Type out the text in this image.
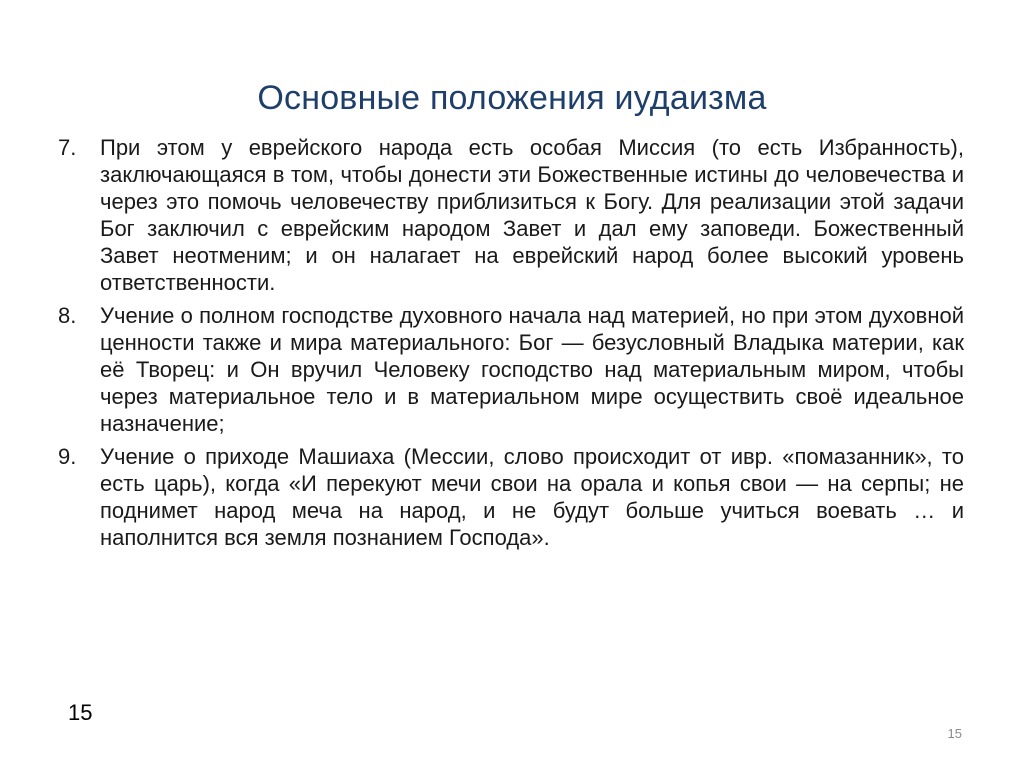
Основные положения иудаизма
7. При этом у еврейского народа есть особая Миссия (то есть Избранность), заключающаяся в том, чтобы донести эти Божественные истины до человечества и через это помочь человечеству приблизиться к Богу. Для реализации этой задачи Бог заключил с еврейским народом Завет и дал ему заповеди. Божественный Завет неотменим; и он налагает на еврейский народ более высокий уровень ответственности.
8. Учение о полном господстве духовного начала над материей, но при этом духовной ценности также и мира материального: Бог — безусловный Владыка материи, как её Творец: и Он вручил Человеку господство над материальным миром, чтобы через материальное тело и в материальном мире осуществить своё идеальное назначение;
9. Учение о приходе Машиаха (Мессии, слово происходит от ивр. «помазанник», то есть царь), когда «И перекуют мечи свои на орала и копья свои — на серпы; не поднимет народ меча на народ, и не будут больше учиться воевать … и наполнится вся земля познанием Господа».
15
15
